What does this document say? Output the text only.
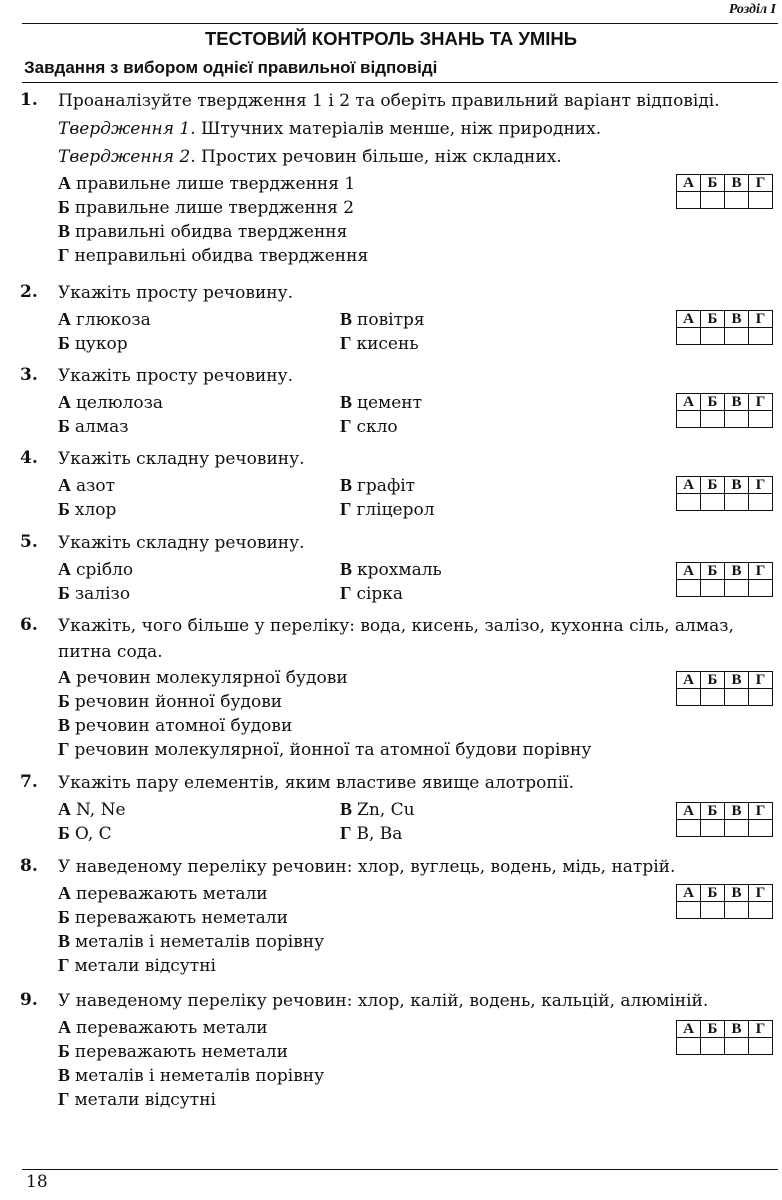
Розділ I
ТЕСТОВИЙ КОНТРОЛЬ ЗНАНЬ ТА УМІНЬ
Завдання з вибором однієї правильної відповіді
1. Проаналізуйте твердження 1 і 2 та оберіть правильний варіант відповіді.
Твердження 1. Штучних матеріалів менше, ніж природних.
Твердження 2. Простих речовин більше, ніж складних.
А правильне лише твердження 1
Б правильне лише твердження 2
В правильні обидва твердження
Г неправильні обидва твердження
А	Б	В	Г

2. Укажіть просту речовину.
А глюкоза	В повітря
Б цукор	Г кисень
А	Б	В	Г

3. Укажіть просту речовину.
А целюлоза	В цемент
Б алмаз	Г скло
А	Б	В	Г

4. Укажіть складну речовину.
А азот	В графіт
Б хлор	Г гліцерол
А	Б	В	Г

5. Укажіть складну речовину.
А срібло	В крохмаль
Б залізо	Г сірка
А	Б	В	Г

6. Укажіть, чого більше у переліку: вода, кисень, залізо, кухонна сіль, алмаз,
питна сода.
А речовин молекулярної будови
Б речовин йонної будови
В речовин атомної будови
Г речовин молекулярної, йонної та атомної будови порівну
А	Б	В	Г

7. Укажіть пару елементів, яким властиве явище алотропії.
А N, Ne	В Zn, Cu
Б O, C	Г B, Ba
А	Б	В	Г

8. У наведеному переліку речовин: хлор, вуглець, водень, мідь, натрій.
А переважають метали
Б переважають неметали
В металів і неметалів порівну
Г метали відсутні
А	Б	В	Г

9. У наведеному переліку речовин: хлор, калій, водень, кальцій, алюміній.
А переважають метали
Б переважають неметали
В металів і неметалів порівну
Г метали відсутні
А	Б	В	Г

18
